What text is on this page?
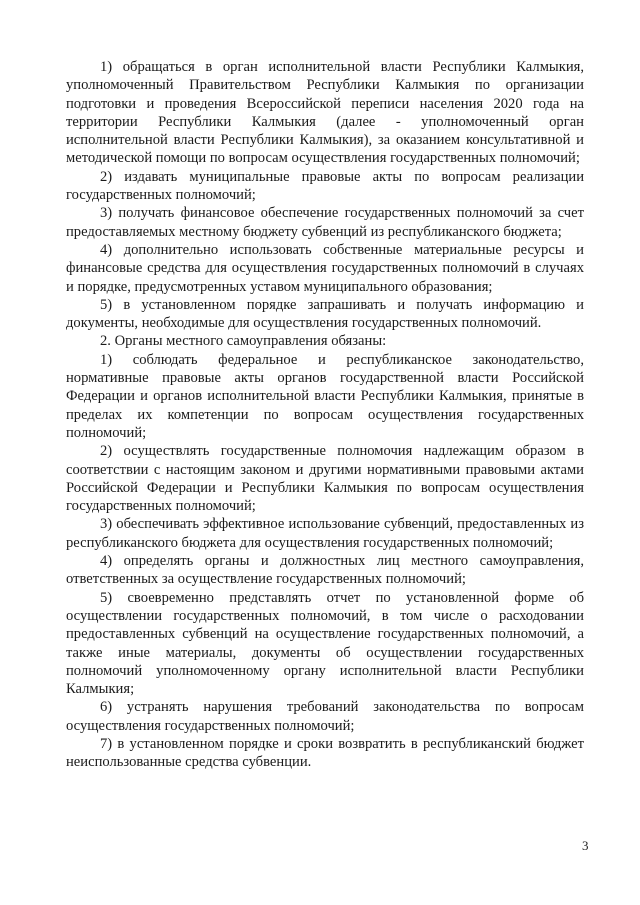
1) обращаться в орган исполнительной власти Республики Калмыкия, уполномоченный Правительством Республики Калмыкия по организации подготовки и проведения Всероссийской переписи населения 2020 года на территории Республики Калмыкия (далее - уполномоченный орган исполнительной власти Республики Калмыкия), за оказанием консультативной и методической помощи по вопросам осуществления государственных полномочий;

2) издавать муниципальные правовые акты по вопросам реализации государственных полномочий;

3) получать финансовое обеспечение государственных полномочий за счет предоставляемых местному бюджету субвенций из республиканского бюджета;

4) дополнительно использовать собственные материальные ресурсы и финансовые средства для осуществления государственных полномочий в случаях и порядке, предусмотренных уставом муниципального образования;

5) в установленном порядке запрашивать и получать информацию и документы, необходимые для осуществления государственных полномочий.

2. Органы местного самоуправления обязаны:

1) соблюдать федеральное и республиканское законодательство, нормативные правовые акты органов государственной власти Российской Федерации и органов исполнительной власти Республики Калмыкия, принятые в пределах их компетенции по вопросам осуществления государственных полномочий;

2) осуществлять государственные полномочия надлежащим образом в соответствии с настоящим законом и другими нормативными правовыми актами Российской Федерации и Республики Калмыкия по вопросам осуществления государственных полномочий;

3) обеспечивать эффективное использование субвенций, предоставленных из республиканского бюджета для осуществления государственных полномочий;

4) определять органы и должностных лиц местного самоуправления, ответственных за осуществление государственных полномочий;

5) своевременно представлять отчет по установленной форме об осуществлении государственных полномочий, в том числе о расходовании предоставленных субвенций на осуществление государственных полномочий, а также иные материалы, документы об осуществлении государственных полномочий уполномоченному органу исполнительной власти Республики Калмыкия;

6) устранять нарушения требований законодательства по вопросам осуществления государственных полномочий;

7) в установленном порядке и сроки возвратить в республиканский бюджет неиспользованные средства субвенции.

3
